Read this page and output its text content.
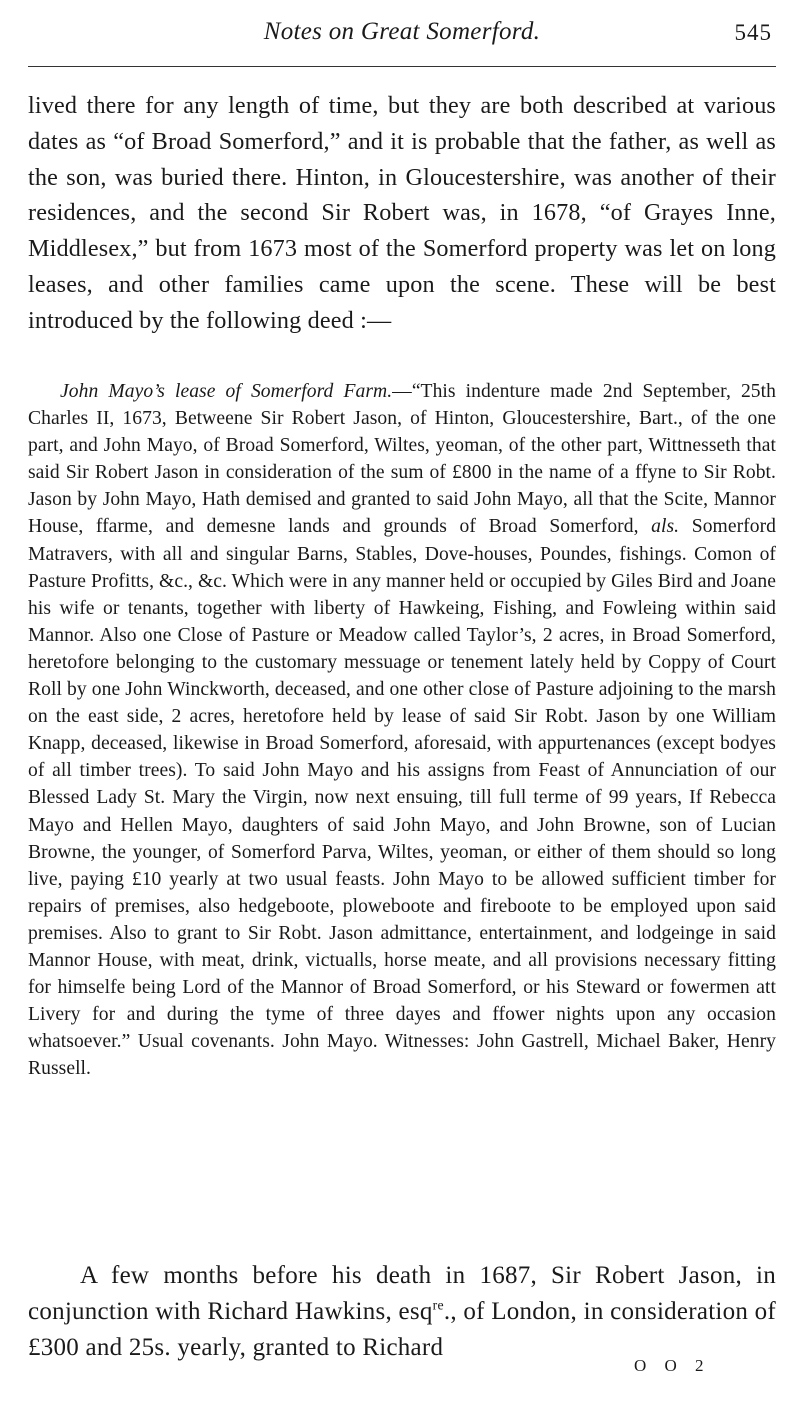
Notes on Great Somerford.	545
lived there for any length of time, but they are both described at various dates as “of Broad Somerford,” and it is probable that the father, as well as the son, was buried there. Hinton, in Gloucestershire, was another of their residences, and the second Sir Robert was, in 1678, “of Grayes Inne, Middlesex,” but from 1673 most of the Somerford property was let on long leases, and other families came upon the scene. These will be best introduced by the following deed :—
John Mayo’s lease of Somerford Farm.—“This indenture made 2nd September, 25th Charles II, 1673, Betweene Sir Robert Jason, of Hinton, Gloucestershire, Bart., of the one part, and John Mayo, of Broad Somerford, Wiltes, yeoman, of the other part, Wittnesseth that said Sir Robert Jason in consideration of the sum of £800 in the name of a ffyne to Sir Robt. Jason by John Mayo, Hath demised and granted to said John Mayo, all that the Scite, Mannor House, ffarme, and demesne lands and grounds of Broad Somerford, als. Somerford Matravers, with all and singular Barns, Stables, Dove-houses, Poundes, fishings. Comon of Pasture Profitts, &c., &c. Which were in any manner held or occupied by Giles Bird and Joane his wife or tenants, together with liberty of Hawkeing, Fishing, and Fowleing within said Mannor. Also one Close of Pasture or Meadow called Taylor’s, 2 acres, in Broad Somerford, heretofore belonging to the customary messuage or tenement lately held by Coppy of Court Roll by one John Winckworth, deceased, and one other close of Pasture adjoining to the marsh on the east side, 2 acres, heretofore held by lease of said Sir Robt. Jason by one William Knapp, deceased, likewise in Broad Somerford, aforesaid, with appurtenances (except bodyes of all timber trees). To said John Mayo and his assigns from Feast of Annunciation of our Blessed Lady St. Mary the Virgin, now next ensuing, till full terme of 99 years, If Rebecca Mayo and Hellen Mayo, daughters of said John Mayo, and John Browne, son of Lucian Browne, the younger, of Somerford Parva, Wiltes, yeoman, or either of them should so long live, paying £10 yearly at two usual feasts. John Mayo to be allowed sufficient timber for repairs of premises, also hedgeboote, ploweboote and fireboote to be employed upon said premises. Also to grant to Sir Robt. Jason admittance, entertainment, and lodgeinge in said Mannor House, with meat, drink, victualls, horse meate, and all provisions necessary fitting for himselfe being Lord of the Mannor of Broad Somerford, or his Steward or fowermen att Livery for and during the tyme of three dayes and ffower nights upon any occasion whatsoever.” Usual covenants. John Mayo. Witnesses: John Gastrell, Michael Baker, Henry Russell.
A few months before his death in 1687, Sir Robert Jason, in conjunction with Richard Hawkins, esq$^{re}$., of London, in consideration of £300 and 25s. yearly, granted to Richard
O O 2
